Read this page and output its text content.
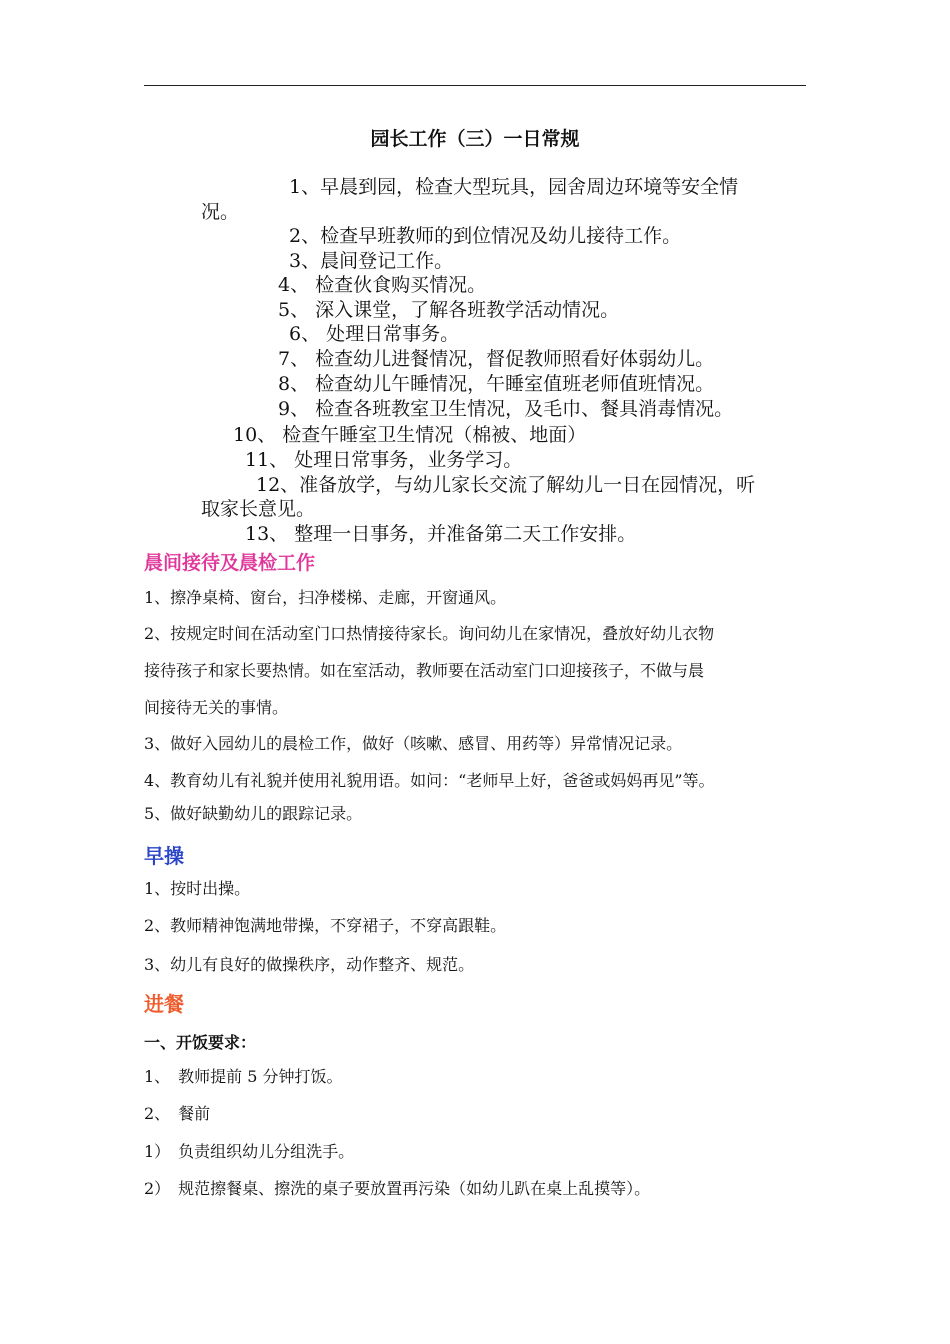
园长工作（三）一日常规
1、早晨到园，检查大型玩具，园舍周边环境等安全情
况。
2、检查早班教师的到位情况及幼儿接待工作。
3、晨间登记工作。
4、 检查伙食购买情况。
5、 深入课堂，了解各班教学活动情况。
6、 处理日常事务。
7、 检查幼儿进餐情况，督促教师照看好体弱幼儿。
8、 检查幼儿午睡情况，午睡室值班老师值班情况。
9、 检查各班教室卫生情况，及毛巾、餐具消毒情况。
10、 检查午睡室卫生情况（棉被、地面）
11、 处理日常事务，业务学习。
12、准备放学，与幼儿家长交流了解幼儿一日在园情况，听
取家长意见。
13、 整理一日事务，并准备第二天工作安排。
晨间接待及晨检工作
1、擦净桌椅、窗台，扫净楼梯、走廊，开窗通风。
2、按规定时间在活动室门口热情接待家长。询问幼儿在家情况，叠放好幼儿衣物
接待孩子和家长要热情。如在室活动，教师要在活动室门口迎接孩子，不做与晨
间接待无关的事情。
3、做好入园幼儿的晨检工作，做好（咳嗽、感冒、用药等）异常情况记录。
4、教育幼儿有礼貌并使用礼貌用语。如问：“老师早上好，爸爸或妈妈再见”等。
5、做好缺勤幼儿的跟踪记录。
早操
1、按时出操。
2、教师精神饱满地带操，不穿裙子，不穿高跟鞋。
3、幼儿有良好的做操秩序，动作整齐、规范。
进餐
一、开饭要求：
1、　教师提前 5 分钟打饭。
2、　餐前
1）　负责组织幼儿分组洗手。
2）　规范擦餐桌、擦洗的桌子要放置再污染（如幼儿趴在桌上乱摸等）。
